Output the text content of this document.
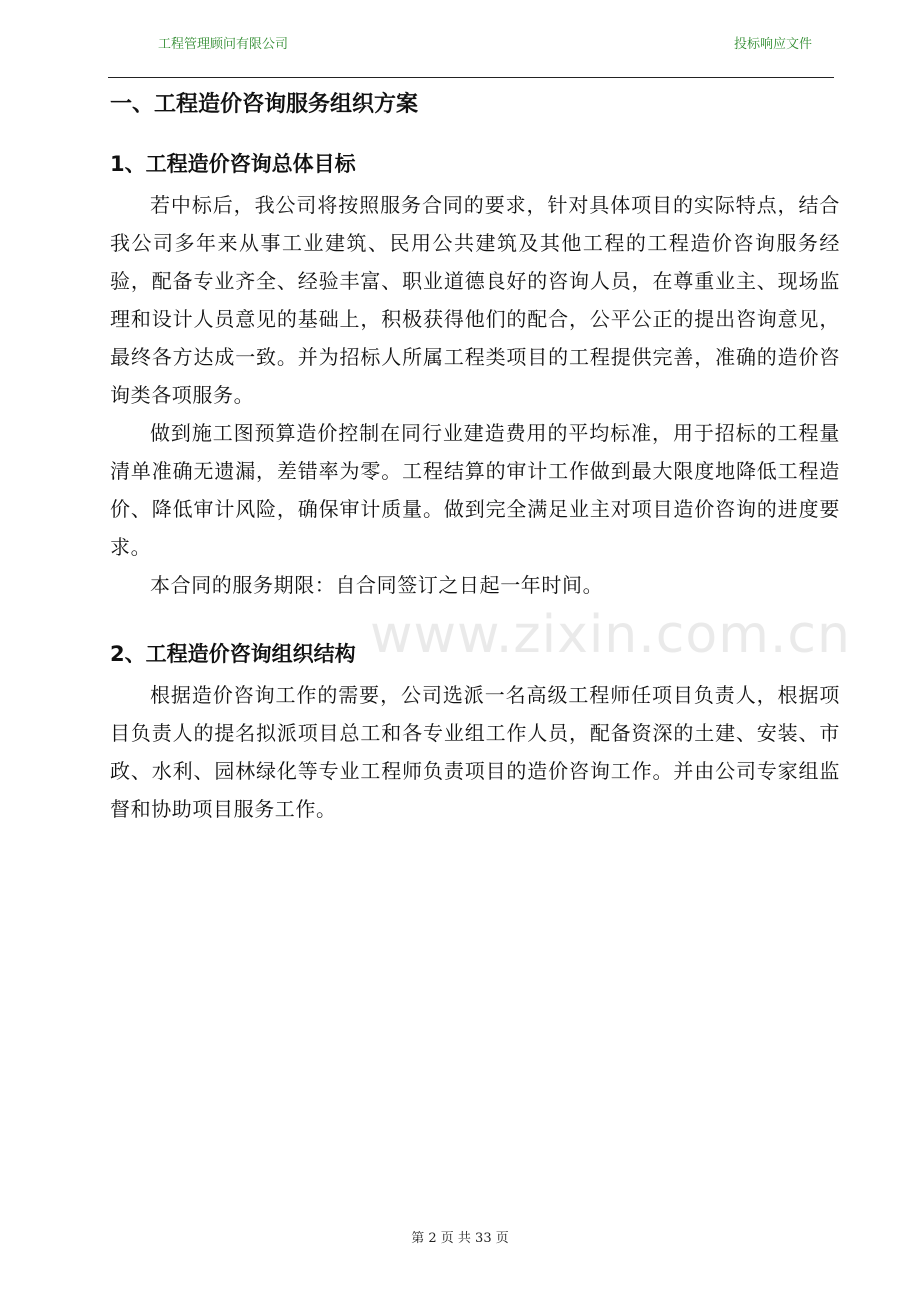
工程管理顾问有限公司	投标响应文件
www.zixin.com.cn
一、工程造价咨询服务组织方案
1、工程造价咨询总体目标

若中标后，我公司将按照服务合同的要求，针对具体项目的实际特点，结合我公司多年来从事工业建筑、民用公共建筑及其他工程的工程造价咨询服务经验，配备专业齐全、经验丰富、职业道德良好的咨询人员，在尊重业主、现场监理和设计人员意见的基础上，积极获得他们的配合，公平公正的提出咨询意见，最终各方达成一致。并为招标人所属工程类项目的工程提供完善，准确的造价咨询类各项服务。

做到施工图预算造价控制在同行业建造费用的平均标准，用于招标的工程量清单准确无遗漏，差错率为零。工程结算的审计工作做到最大限度地降低工程造价、降低审计风险，确保审计质量。做到完全满足业主对项目造价咨询的进度要求。

本合同的服务期限：自合同签订之日起一年时间。

2、工程造价咨询组织结构

根据造价咨询工作的需要，公司选派一名高级工程师任项目负责人，根据项目负责人的提名拟派项目总工和各专业组工作人员，配备资深的土建、安装、市政、水利、园林绿化等专业工程师负责项目的造价咨询工作。并由公司专家组监督和协助项目服务工作。

第 2 页 共 33 页
